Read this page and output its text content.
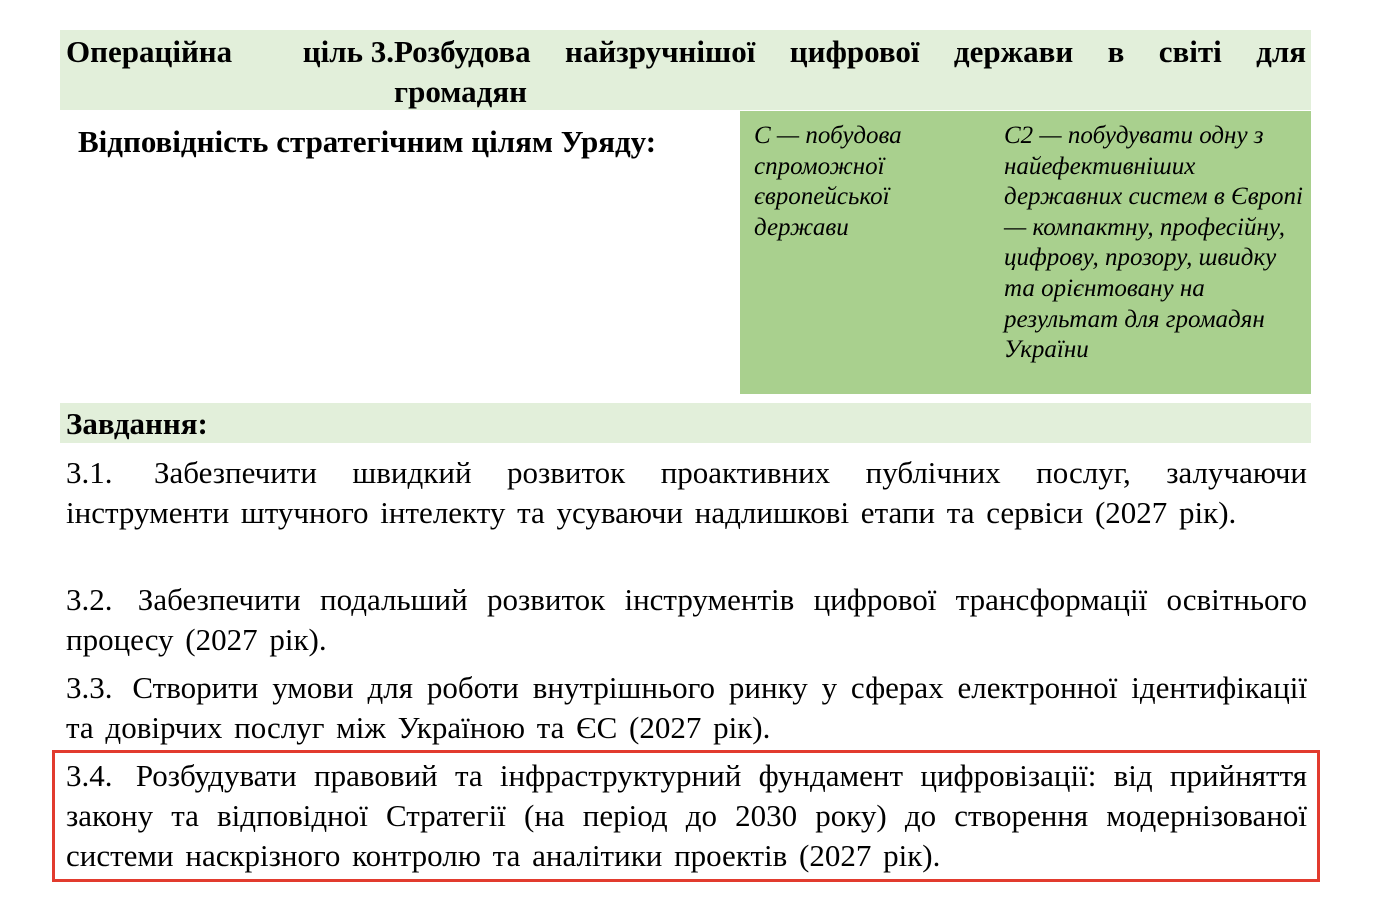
Операційна ціль 3. Розбудова найзручнішої цифрової держави в світі для громадян
Відповідність стратегічним цілям Уряду:	С — побудова спроможної європейської держави
С2 — побудувати одну з найефективніших державних систем в Європі — компактну, професійну, цифрову, прозору, швидку та орієнтовану на результат для громадян України
Завдання:
3.1. Забезпечити швидкий розвиток проактивних публічних послуг, залучаючи інструменти штучного інтелекту та усуваючи надлишкові етапи та сервіси (2027 рік).
3.2. Забезпечити подальший розвиток інструментів цифрової трансформації освітнього процесу (2027 рік).
3.3. Створити умови для роботи внутрішнього ринку у сферах електронної ідентифікації та довірчих послуг між Україною та ЄС (2027 рік).
3.4. Розбудувати правовий та інфраструктурний фундамент цифровізації: від прийняття закону та відповідної Стратегії (на період до 2030 року) до створення модернізованої системи наскрізного контролю та аналітики проектів (2027 рік).
